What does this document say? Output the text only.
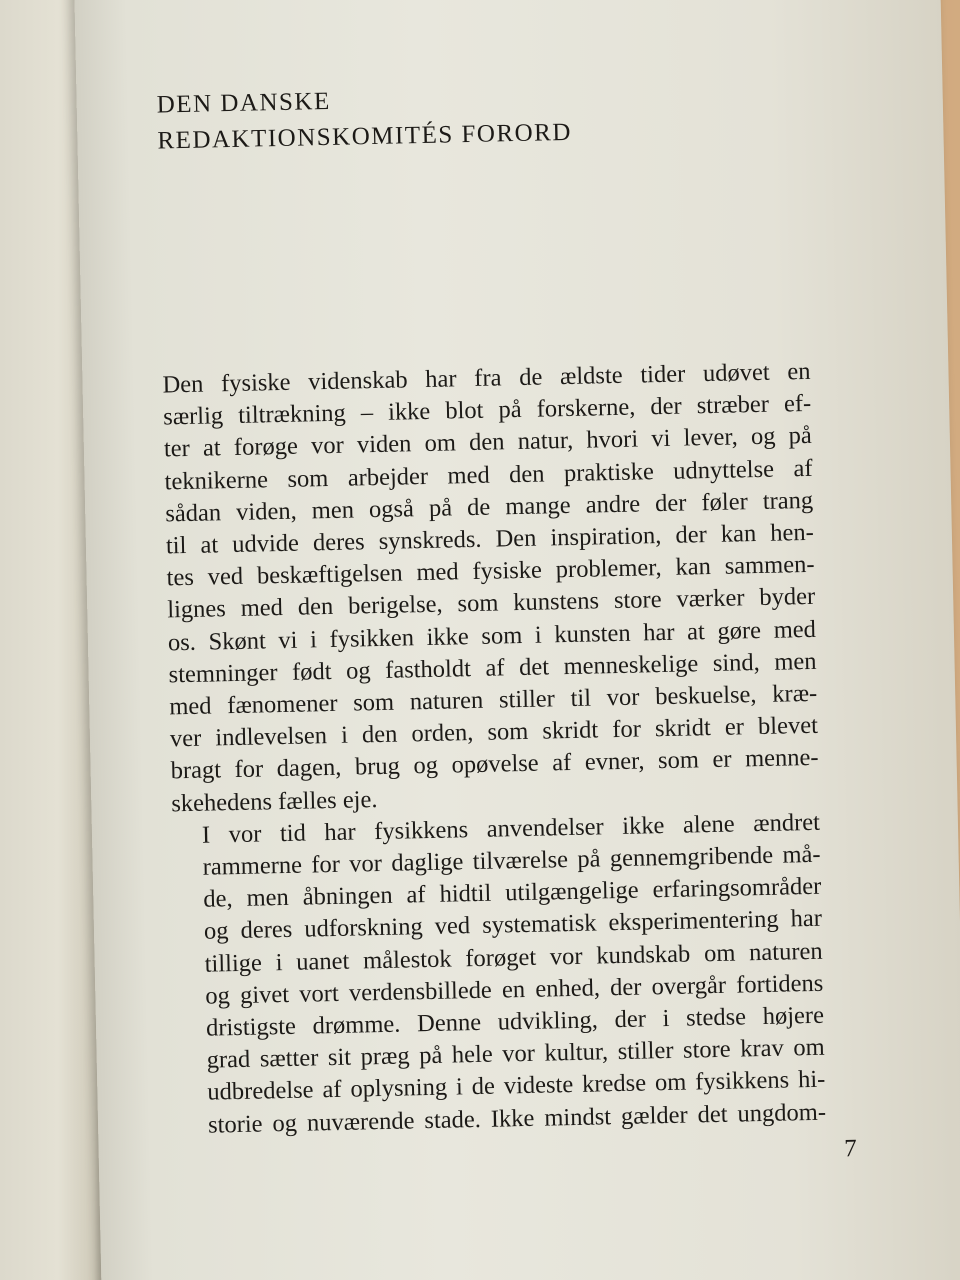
DEN DANSKE
REDAKTIONSKOMITÉS FORORD

Den fysiske videnskab har fra de ældste tider udøvet en
særlig tiltrækning – ikke blot på forskerne, der stræber ef-
ter at forøge vor viden om den natur, hvori vi lever, og på
teknikerne som arbejder med den praktiske udnyttelse af
sådan viden, men også på de mange andre der føler trang
til at udvide deres synskreds. Den inspiration, der kan hen-
tes ved beskæftigelsen med fysiske problemer, kan sammen-
lignes med den berigelse, som kunstens store værker byder
os. Skønt vi i fysikken ikke som i kunsten har at gøre med
stemninger født og fastholdt af det menneskelige sind, men
med fænomener som naturen stiller til vor beskuelse, kræ-
ver indlevelsen i den orden, som skridt for skridt er blevet
bragt for dagen, brug og opøvelse af evner, som er menne-
skehedens fælles eje.

I vor tid har fysikkens anvendelser ikke alene ændret
rammerne for vor daglige tilværelse på gennemgribende må-
de, men åbningen af hidtil utilgængelige erfaringsområder
og deres udforskning ved systematisk eksperimentering har
tillige i uanet målestok forøget vor kundskab om naturen
og givet vort verdensbillede en enhed, der overgår fortidens
dristigste drømme. Denne udvikling, der i stedse højere
grad sætter sit præg på hele vor kultur, stiller store krav om
udbredelse af oplysning i de videste kredse om fysikkens hi-
storie og nuværende stade. Ikke mindst gælder det ungdom-

7
